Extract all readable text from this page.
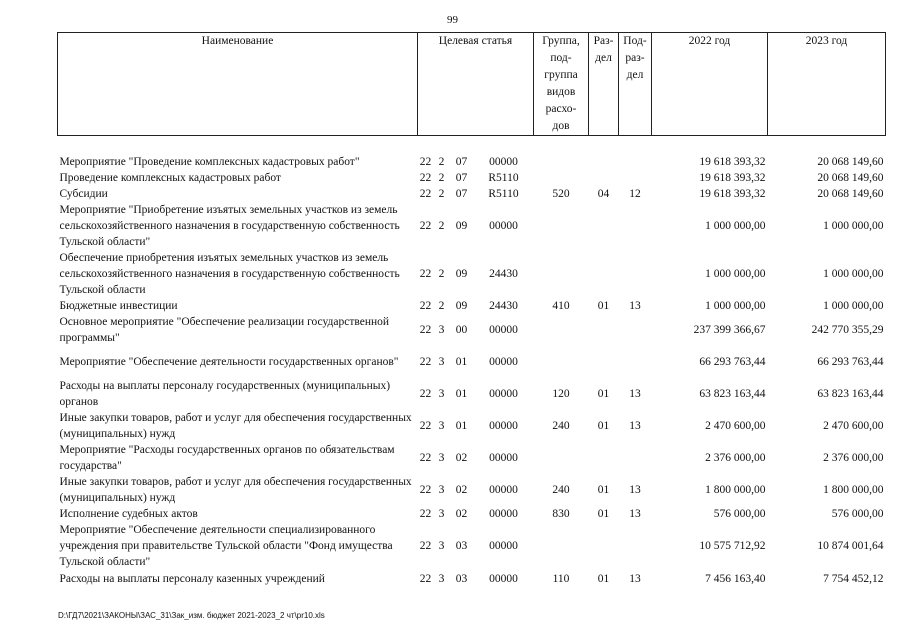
99
Наименование	Целевая статья				Группа, под- группа видов расхо- дов	Раз- дел	Под- раз- дел	2022 год	2023 год
Мероприятие "Проведение комплексных кадастровых работ"	22	2	07	00000				19 618 393,32	20 068 149,60
Проведение комплексных кадастровых работ	22	2	07	R5110				19 618 393,32	20 068 149,60
Субсидии	22	2	07	R5110	520	04	12	19 618 393,32	20 068 149,60
Мероприятие "Приобретение изъятых земельных участков из земель сельскохозяйственного назначения в государственную собственность Тульской области"	22	2	09	00000				1 000 000,00	1 000 000,00
Обеспечение приобретения изъятых земельных участков из земель сельскохозяйственного назначения в государственную собственность Тульской области	22	2	09	24430				1 000 000,00	1 000 000,00
Бюджетные инвестиции	22	2	09	24430	410	01	13	1 000 000,00	1 000 000,00
Основное мероприятие "Обеспечение реализации государственной программы"	22	3	00	00000				237 399 366,67	242 770 355,29
Мероприятие "Обеспечение деятельности государственных органов"	22	3	01	00000				66 293 763,44	66 293 763,44
Расходы на выплаты персоналу государственных (муниципальных) органов	22	3	01	00000	120	01	13	63 823 163,44	63 823 163,44
Иные закупки товаров, работ и услуг для обеспечения государственных (муниципальных) нужд	22	3	01	00000	240	01	13	2 470 600,00	2 470 600,00
Мероприятие "Расходы государственных органов по обязательствам государства"	22	3	02	00000				2 376 000,00	2 376 000,00
Иные закупки товаров, работ и услуг для обеспечения государственных (муниципальных) нужд	22	3	02	00000	240	01	13	1 800 000,00	1 800 000,00
Исполнение судебных актов	22	3	02	00000	830	01	13	576 000,00	576 000,00
Мероприятие "Обеспечение деятельности специализированного учреждения при правительстве Тульской области "Фонд имущества Тульской области"	22	3	03	00000				10 575 712,92	10 874 001,64
Расходы на выплаты персоналу казенных учреждений	22	3	03	00000	110	01	13	7 456 163,40	7 754 452,12
D:\ГД7\2021\ЗАКОНЫ\ЗАС_31\Зак_изм. бюджет 2021-2023_2 чт\pr10.xls
